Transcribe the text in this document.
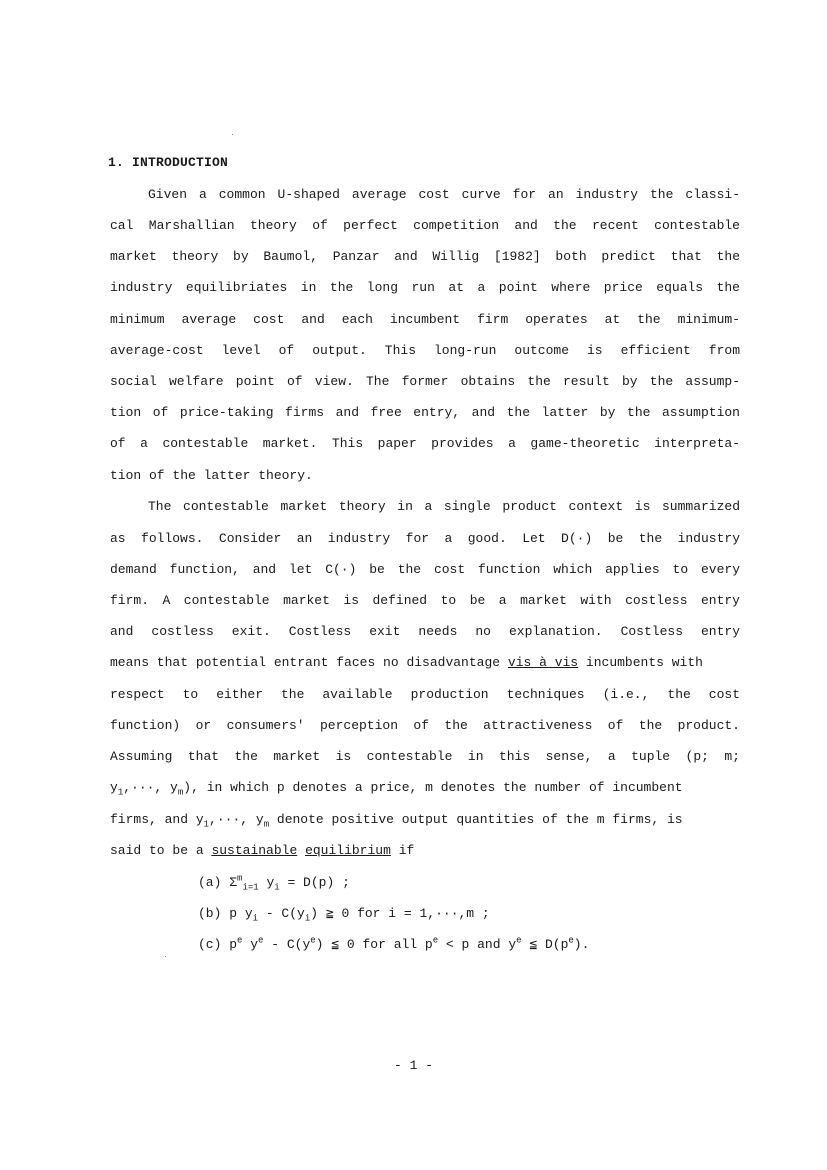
1. INTRODUCTION
Given a common U-shaped average cost curve for an industry the classi-
cal Marshallian theory of perfect competition and the recent contestable
market theory by Baumol, Panzar and Willig [1982] both predict that the
industry equilibriates in the long run at a point where price equals the
minimum average cost and each incumbent firm operates at the minimum-
average-cost level of output. This long-run outcome is efficient from
social welfare point of view. The former obtains the result by the assump-
tion of price-taking firms and free entry, and the latter by the assumption
of a contestable market. This paper provides a game-theoretic interpreta-
tion of the latter theory.
The contestable market theory in a single product context is summarized
as follows. Consider an industry for a good. Let D(·) be the industry
demand function, and let C(·) be the cost function which applies to every
firm. A contestable market is defined to be a market with costless entry
and costless exit. Costless exit needs no explanation. Costless entry
means that potential entrant faces no disadvantage vis à vis incumbents with
respect to either the available production techniques (i.e., the cost
function) or consumers' perception of the attractiveness of the product.
Assuming that the market is contestable in this sense, a tuple (p; m;
$y_1,\cdot\cdot\cdot$, $y_m$), in which p denotes a price, m denotes the number of incumbent
firms, and $y_1,\cdot\cdot\cdot$, $y_m$ denote positive output quantities of the m firms, is
said to be a sustainable equilibrium if
(a) $\Sigma^m_{i=1}$ $y_i = D(p)$ ;
(b) p $y_i - C(y_i)$ ≧ 0 for i = 1,···,m ;
(c) $p^e$ $y^e - C(y^e)$ ≦ 0 for all $p^e < p$ and $y^e$ ≦ $D(p^e)$.
- 1 -
